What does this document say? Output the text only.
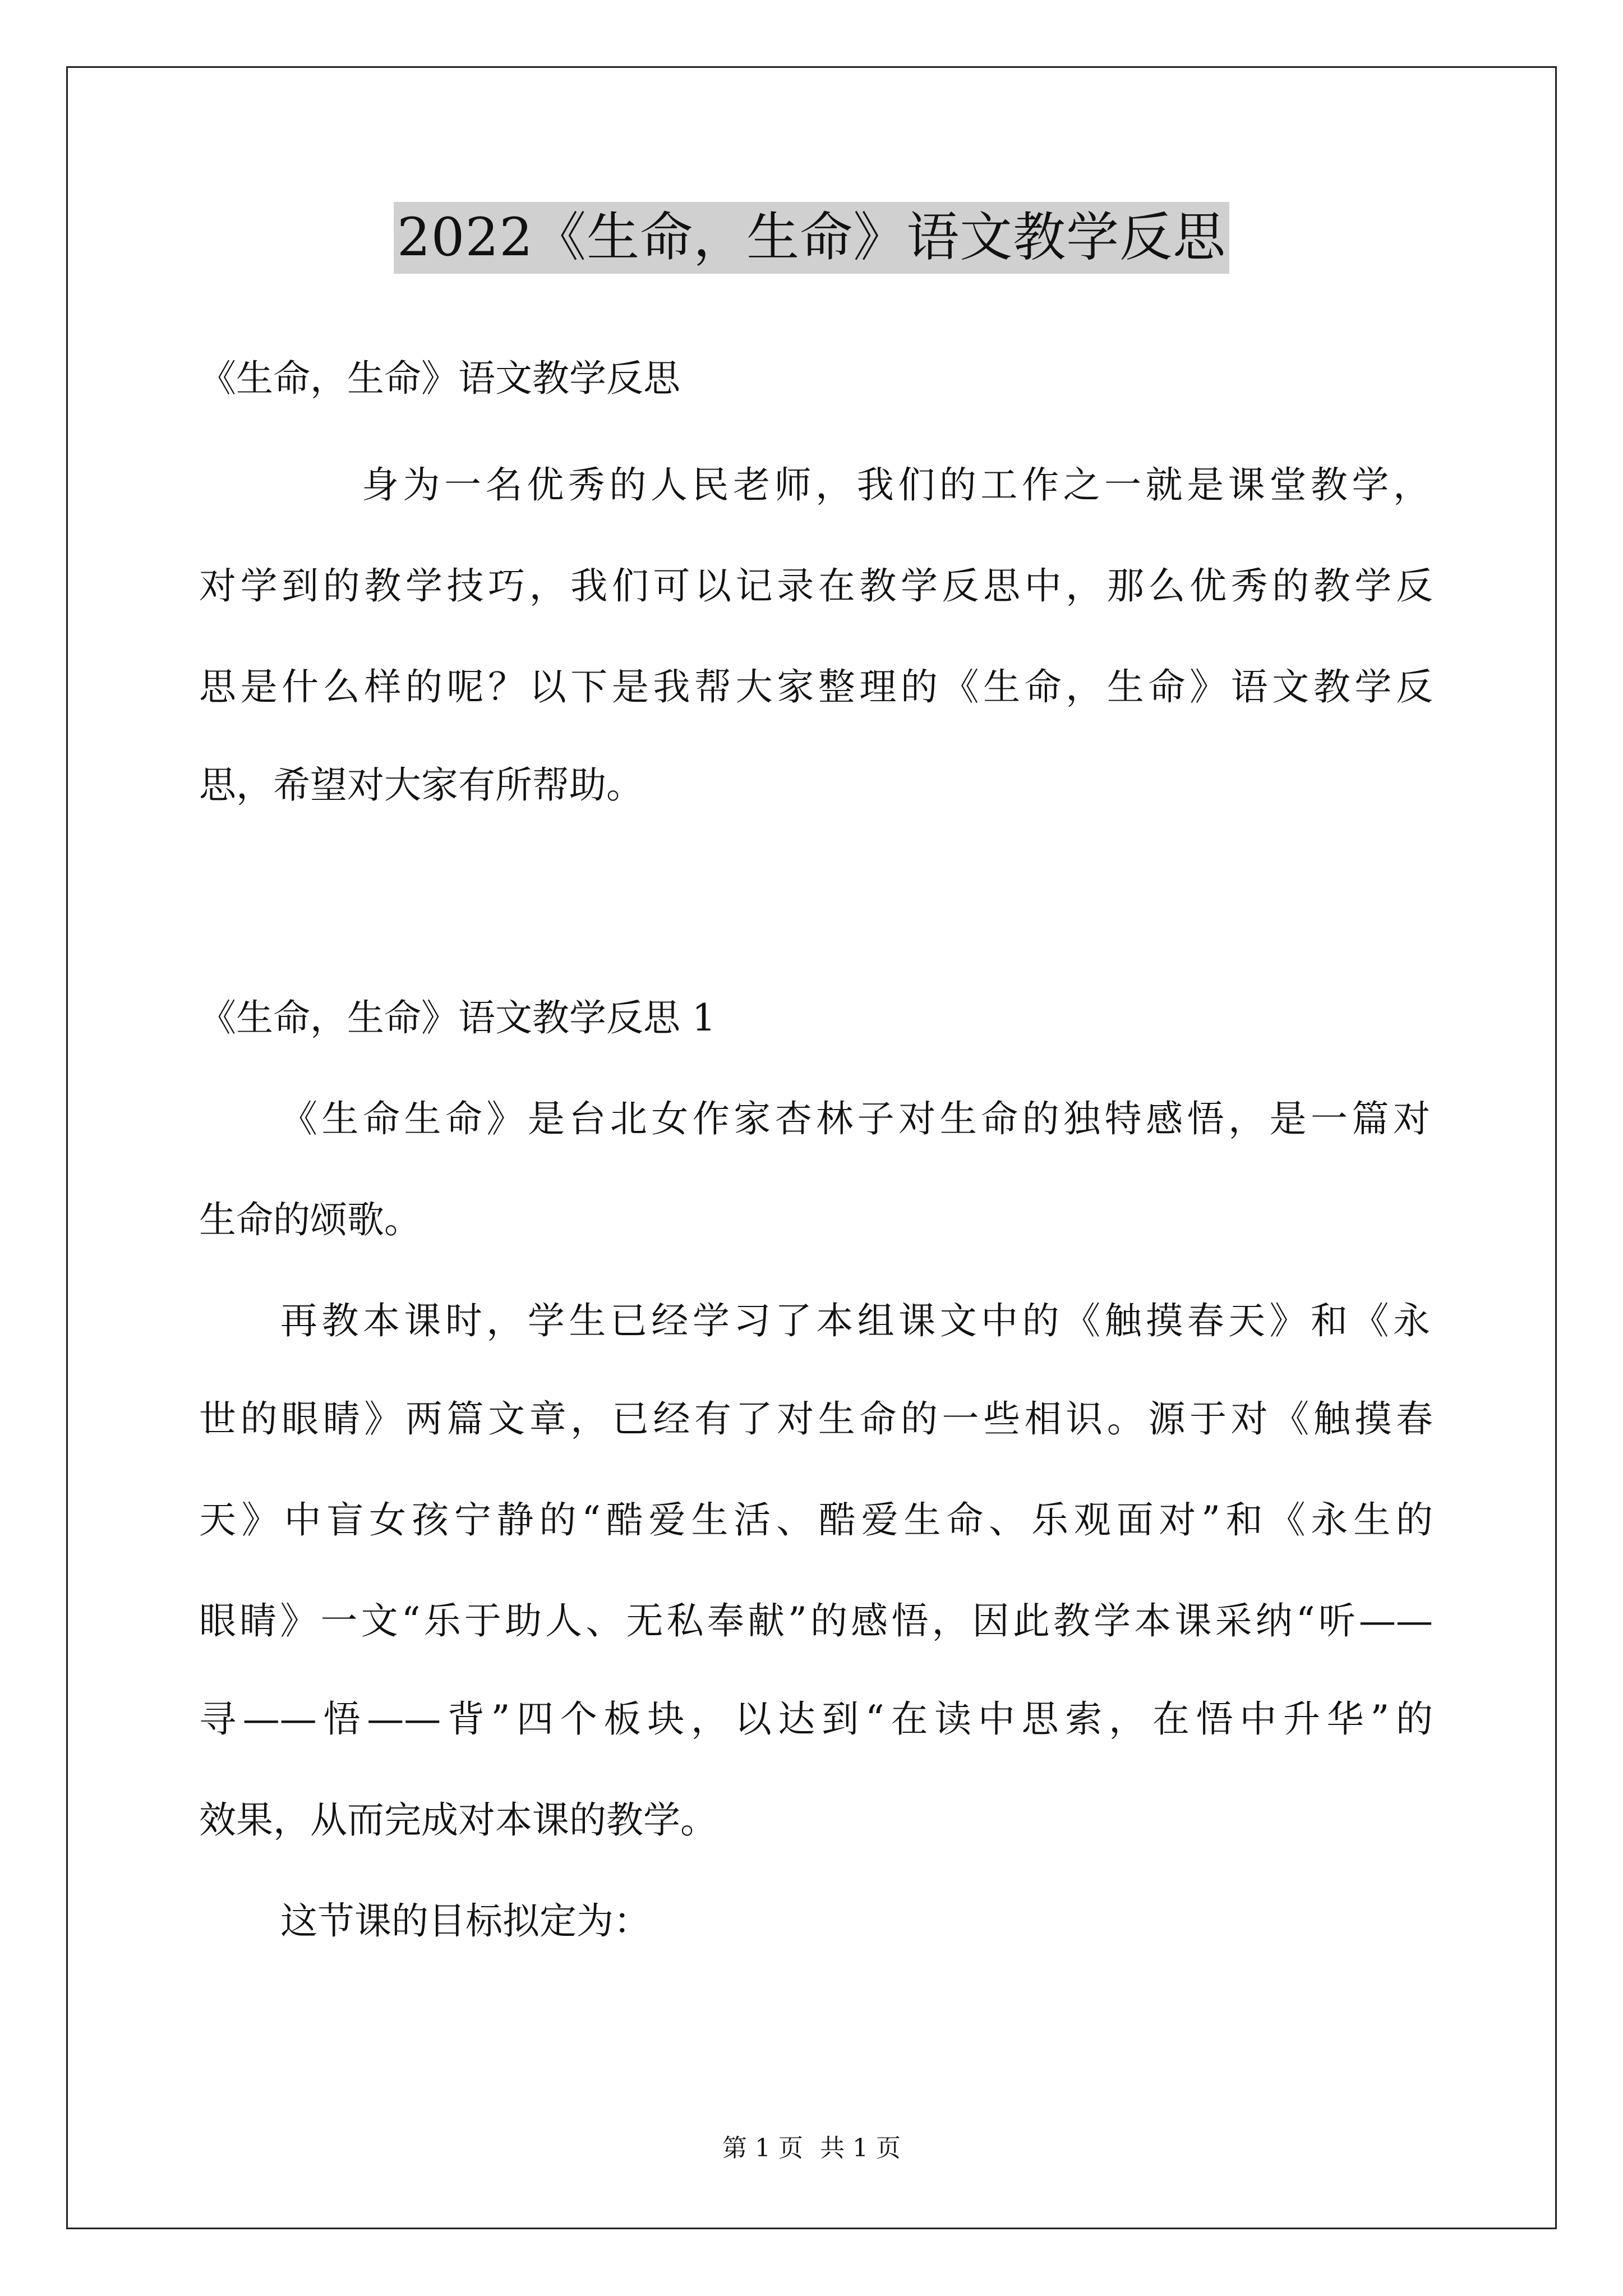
2022《生命，生命》语文教学反思
《生命，生命》语文教学反思
身为一名优秀的人民老师，我们的工作之一就是课堂教学，
对学到的教学技巧，我们可以记录在教学反思中，那么优秀的教学反
思是什么样的呢？以下是我帮大家整理的《生命，生命》语文教学反
思，希望对大家有所帮助。
《生命，生命》语文教学反思 1
《生命生命》是台北女作家杏林子对生命的独特感悟，是一篇对
生命的颂歌。
再教本课时，学生已经学习了本组课文中的《触摸春天》和《永
世的眼睛》两篇文章，已经有了对生命的一些相识。源于对《触摸春
天》中盲女孩宁静的“酷爱生活、酷爱生命、乐观面对”和《永生的
眼睛》一文“乐于助人、无私奉献”的感悟，因此教学本课采纳“听——
寻——悟——背”四个板块，以达到“在读中思索，在悟中升华”的
效果，从而完成对本课的教学。
这节课的目标拟定为：
第 1 页 共 1 页
